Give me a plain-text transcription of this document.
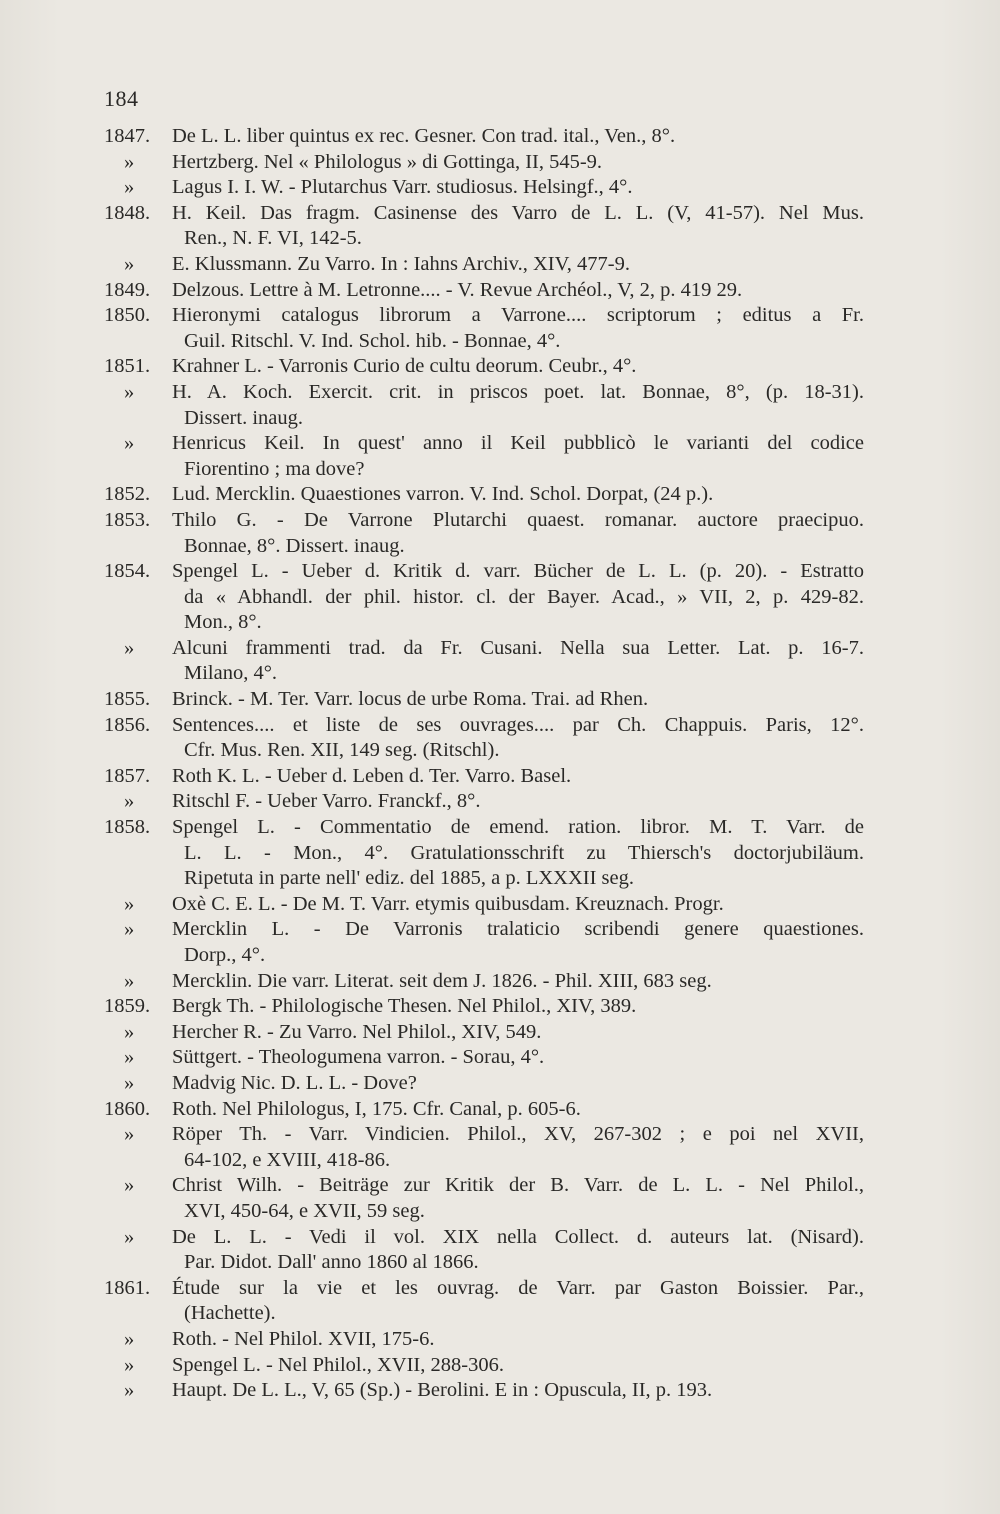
184
1847.	De L. L. liber quintus ex rec. Gesner. Con trad. ital., Ven., 8°.
»	Hertzberg. Nel « Philologus » di Gottinga, II, 545-9.
»	Lagus I. I. W. - Plutarchus Varr. studiosus. Helsingf., 4°.
1848.	H. Keil. Das fragm. Casinense des Varro de L. L. (V, 41-57). Nel Mus.
Ren., N. F. VI, 142-5.
»	E. Klussmann. Zu Varro. In : Iahns Archiv., XIV, 477-9.
1849.	Delzous. Lettre à M. Letronne.... - V. Revue Archéol., V, 2, p. 419 29.
1850.	Hieronymi catalogus librorum a Varrone.... scriptorum ; editus a Fr.
Guil. Ritschl. V. Ind. Schol. hib. - Bonnae, 4°.
1851.	Krahner L. - Varronis Curio de cultu deorum. Ceubr., 4°.
»	H. A. Koch. Exercit. crit. in priscos poet. lat. Bonnae, 8°, (p. 18-31).
Dissert. inaug.
»	Henricus Keil. In quest' anno il Keil pubblicò le varianti del codice
Fiorentino ; ma dove?
1852.	Lud. Mercklin. Quaestiones varron. V. Ind. Schol. Dorpat, (24 p.).
1853.	Thilo G. - De Varrone Plutarchi quaest. romanar. auctore praecipuo.
Bonnae, 8°. Dissert. inaug.
1854.	Spengel L. - Ueber d. Kritik d. varr. Bücher de L. L. (p. 20). - Estratto
da « Abhandl. der phil. histor. cl. der Bayer. Acad., » VII, 2, p. 429-82.
Mon., 8°.
»	Alcuni frammenti trad. da Fr. Cusani. Nella sua Letter. Lat. p. 16-7.
Milano, 4°.
1855.	Brinck. - M. Ter. Varr. locus de urbe Roma. Trai. ad Rhen.
1856.	Sentences.... et liste de ses ouvrages.... par Ch. Chappuis. Paris, 12°.
Cfr. Mus. Ren. XII, 149 seg. (Ritschl).
1857.	Roth K. L. - Ueber d. Leben d. Ter. Varro. Basel.
»	Ritschl F. - Ueber Varro. Franckf., 8°.
1858.	Spengel L. - Commentatio de emend. ration. libror. M. T. Varr. de
L. L. - Mon., 4°. Gratulationsschrift zu Thiersch's doctorjubiläum.
Ripetuta in parte nell' ediz. del 1885, a p. LXXXII seg.
»	Oxè C. E. L. - De M. T. Varr. etymis quibusdam. Kreuznach. Progr.
»	Mercklin L. - De Varronis tralaticio scribendi genere quaestiones.
Dorp., 4°.
»	Mercklin. Die varr. Literat. seit dem J. 1826. - Phil. XIII, 683 seg.
1859.	Bergk Th. - Philologische Thesen. Nel Philol., XIV, 389.
»	Hercher R. - Zu Varro. Nel Philol., XIV, 549.
»	Süttgert. - Theologumena varron. - Sorau, 4°.
»	Madvig Nic. D. L. L. - Dove?
1860.	Roth. Nel Philologus, I, 175. Cfr. Canal, p. 605-6.
»	Röper Th. - Varr. Vindicien. Philol., XV, 267-302 ; e poi nel XVII,
64-102, e XVIII, 418-86.
»	Christ Wilh. - Beiträge zur Kritik der B. Varr. de L. L. - Nel Philol.,
XVI, 450-64, e XVII, 59 seg.
»	De L. L. - Vedi il vol. XIX nella Collect. d. auteurs lat. (Nisard).
Par. Didot. Dall' anno 1860 al 1866.
1861.	Étude sur la vie et les ouvrag. de Varr. par Gaston Boissier. Par.,
(Hachette).
»	Roth. - Nel Philol. XVII, 175-6.
»	Spengel L. - Nel Philol., XVII, 288-306.
»	Haupt. De L. L., V, 65 (Sp.) - Berolini. E in : Opuscula, II, p. 193.
